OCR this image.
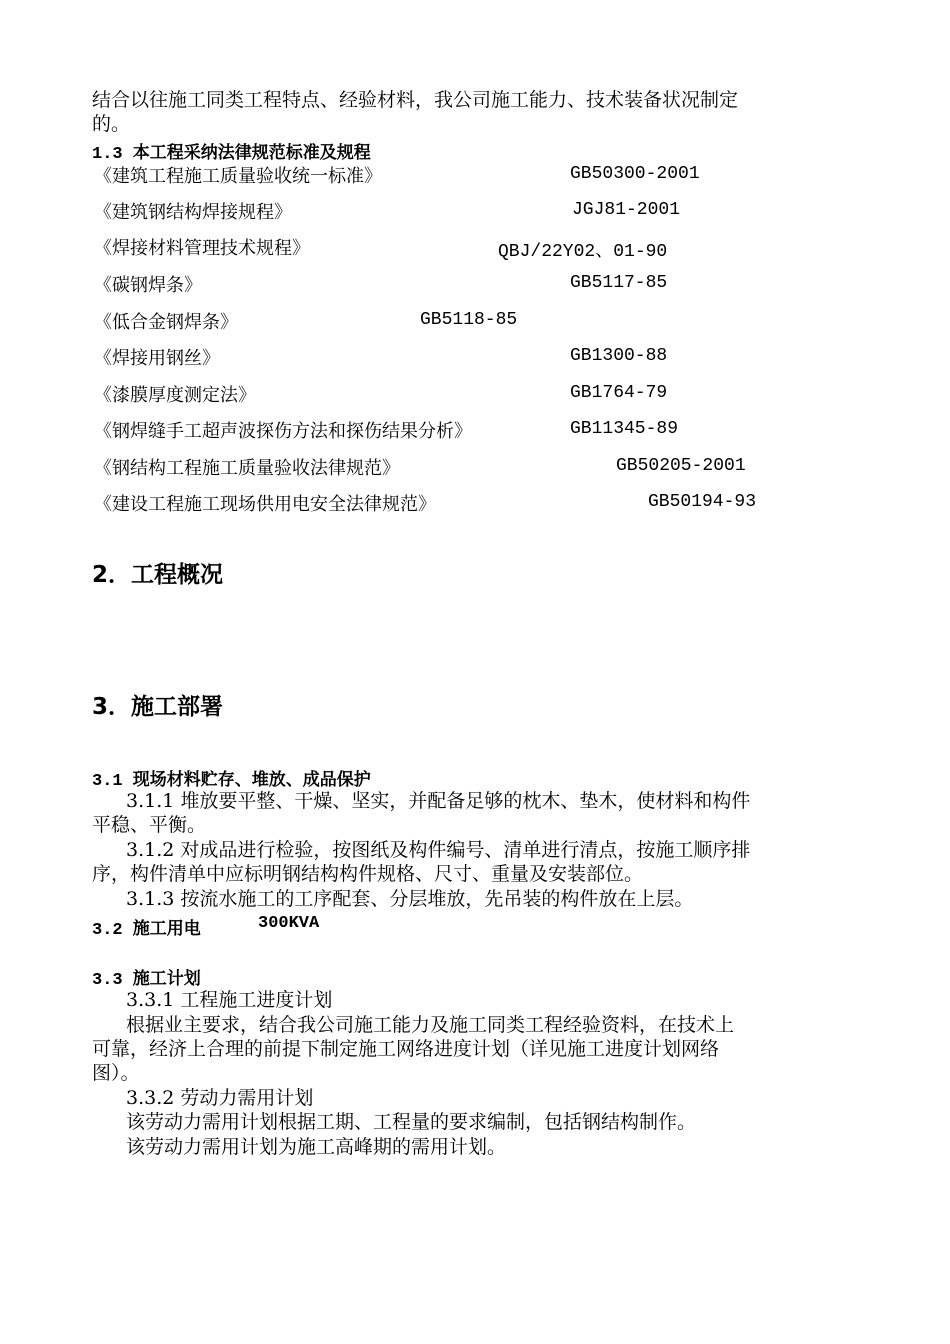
结合以往施工同类工程特点、经验材料，我公司施工能力、技术装备状况制定
的。
1.3 本工程采纳法律规范标准及规程
《建筑工程施工质量验收统一标准》	GB50300-2001
《建筑钢结构焊接规程》	JGJ81-2001
《焊接材料管理技术规程》	QBJ/22Y02、01-90
《碳钢焊条》	GB5117-85
《低合金钢焊条》	GB5118-85
《焊接用钢丝》	GB1300-88
《漆膜厚度测定法》	GB1764-79
《钢焊缝手工超声波探伤方法和探伤结果分析》	GB11345-89
《钢结构工程施工质量验收法律规范》	GB50205-2001
《建设工程施工现场供用电安全法律规范》	GB50194-93
2．工程概况
3．施工部署
3.1 现场材料贮存、堆放、成品保护
3.1.1 堆放要平整、干燥、坚实，并配备足够的枕木、垫木，使材料和构件
平稳、平衡。
3.1.2 对成品进行检验，按图纸及构件编号、清单进行清点，按施工顺序排
序，构件清单中应标明钢结构构件规格、尺寸、重量及安装部位。
3.1.3 按流水施工的工序配套、分层堆放，先吊装的构件放在上层。
3.2 施工用电	300KVA
3.3 施工计划
3.3.1 工程施工进度计划
根据业主要求，结合我公司施工能力及施工同类工程经验资料，在技术上
可靠，经济上合理的前提下制定施工网络进度计划（详见施工进度计划网络
图）。
3.3.2 劳动力需用计划
该劳动力需用计划根据工期、工程量的要求编制，包括钢结构制作。
该劳动力需用计划为施工高峰期的需用计划。
